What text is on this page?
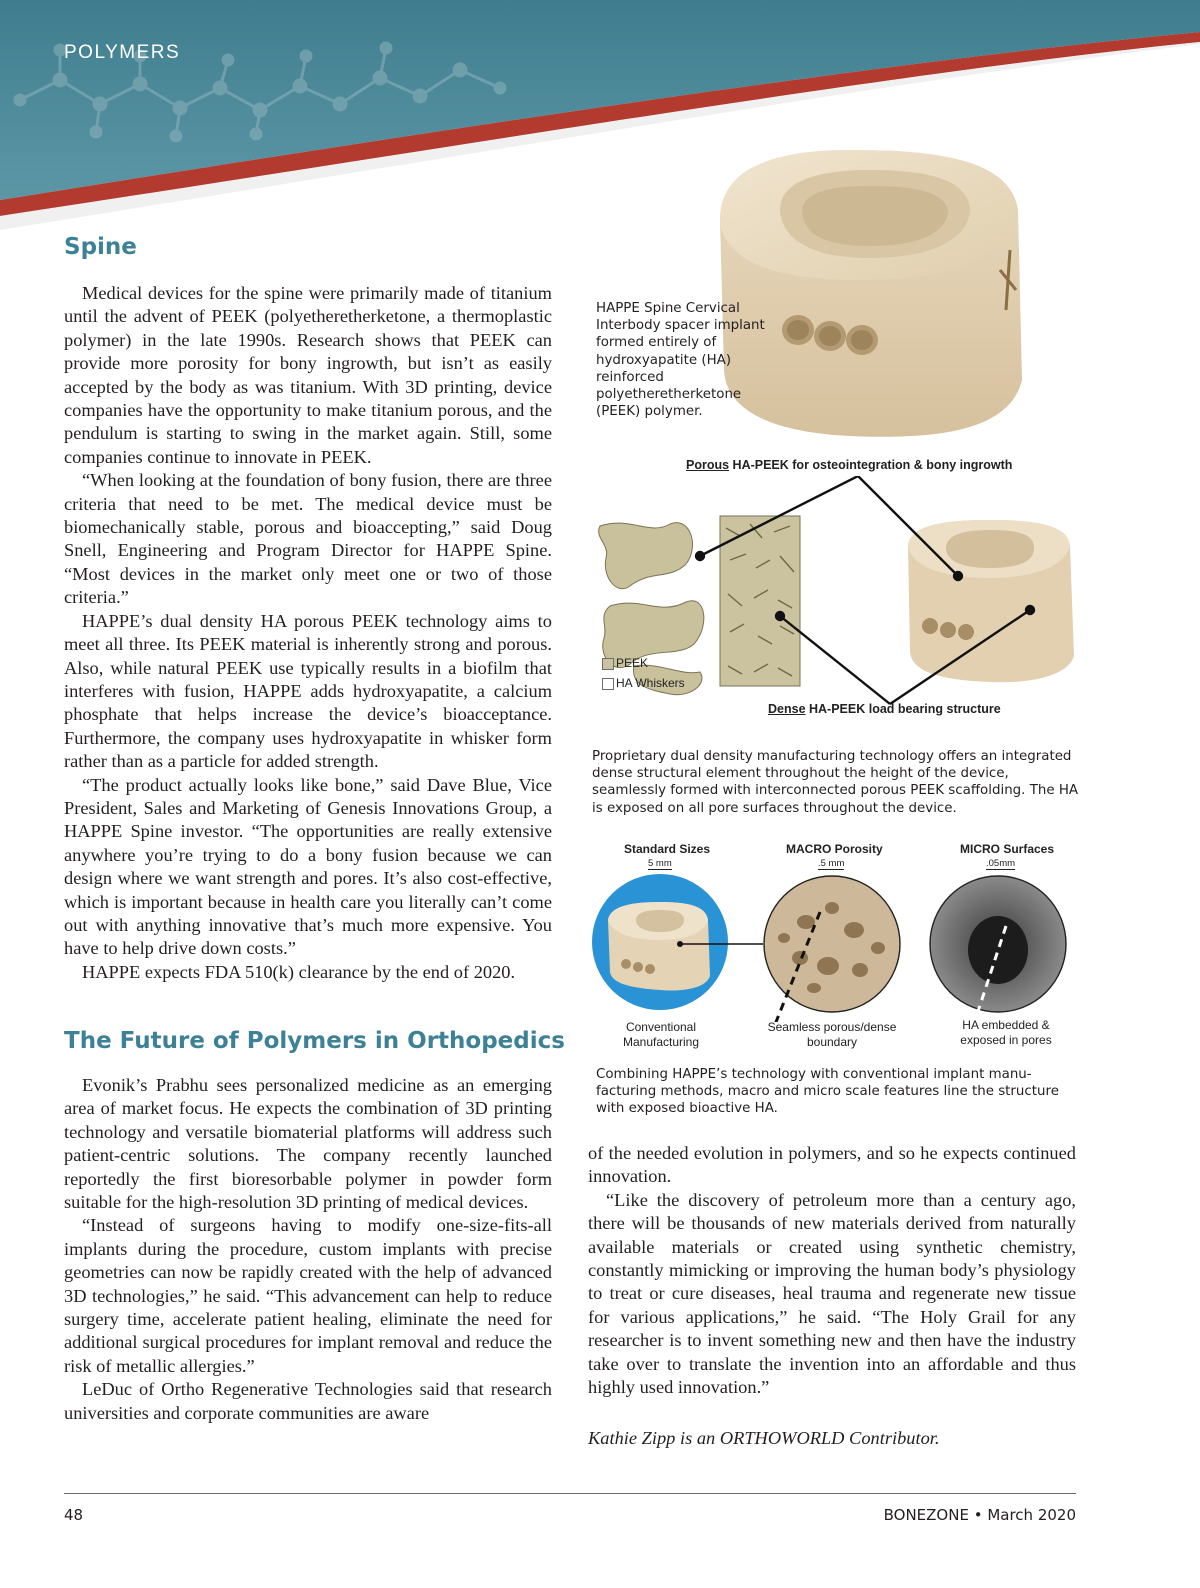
POLYMERS
Spine

Medical devices for the spine were primarily made of titanium until the advent of PEEK (polyetheretherketone, a thermoplastic polymer) in the late 1990s. Research shows that PEEK can provide more porosity for bony ingrowth, but isn’t as easily accepted by the body as was titanium. With 3D printing, device companies have the opportunity to make titanium porous, and the pendulum is starting to swing in the market again. Still, some companies continue to innovate in PEEK.

“When looking at the foundation of bony fusion, there are three criteria that need to be met. The medical device must be biomechanically stable, porous and bioaccepting,” said Doug Snell, Engineering and Program Director for HAPPE Spine. “Most devices in the market only meet one or two of those criteria.”

HAPPE’s dual density HA porous PEEK technology aims to meet all three. Its PEEK material is inherently strong and porous. Also, while natural PEEK use typically results in a biofilm that interferes with fusion, HAPPE adds hydroxyapatite, a calcium phosphate that helps increase the device’s bioacceptance. Furthermore, the company uses hydroxyapatite in whisker form rather than as a particle for added strength.

“The product actually looks like bone,” said Dave Blue, Vice President, Sales and Marketing of Genesis Innovations Group, a HAPPE Spine investor. “The opportunities are really extensive anywhere you’re trying to do a bony fusion because we can design where we want strength and pores. It’s also cost-effective, which is important because in health care you literally can’t come out with anything innovative that’s much more expensive. You have to help drive down costs.”

HAPPE expects FDA 510(k) clearance by the end of 2020.

The Future of Polymers in Orthopedics

Evonik’s Prabhu sees personalized medicine as an emerging area of market focus. He expects the combination of 3D printing technology and versatile biomaterial platforms will address such patient-centric solutions. The company recently launched reportedly the first bioresorbable polymer in powder form suitable for the high-resolution 3D printing of medical devices.

“Instead of surgeons having to modify one-size-fits-all implants during the procedure, custom implants with precise geometries can now be rapidly created with the help of advanced 3D technologies,” he said. “This advancement can help to reduce surgery time, accelerate patient healing, eliminate the need for additional surgical procedures for implant removal and reduce the risk of metallic allergies.”

LeDuc of Ortho Regenerative Technologies said that research universities and corporate communities are aware

HAPPE Spine Cervical Interbody spacer implant formed entirely of hydroxyapatite (HA) reinforced polyetheretherketone (PEEK) polymer.
Porous HA-PEEK for osteointegration & bony ingrowth
PEEK
HA Whiskers
Dense HA-PEEK load bearing structure
Proprietary dual density manufacturing technology offers an integrated dense structural element throughout the height of the device, seamlessly formed with interconnected porous PEEK scaffolding. The HA is exposed on all pore surfaces throughout the device.
Standard Sizes
5 mm
MACRO Porosity
.5 mm
MICRO Surfaces
.05mm
Conventional Manufacturing
Seamless porous/dense boundary
HA embedded & exposed in pores
Combining HAPPE’s technology with conventional implant manufacturing methods, macro and micro scale features line the structure with exposed bioactive HA.

of the needed evolution in polymers, and so he expects continued innovation.

“Like the discovery of petroleum more than a century ago, there will be thousands of new materials derived from naturally available materials or created using synthetic chemistry, constantly mimicking or improving the human body’s physiology to treat or cure diseases, heal trauma and regenerate new tissue for various applications,” he said. “The Holy Grail for any researcher is to invent something new and then have the industry take over to translate the invention into an affordable and thus highly used innovation.”

Kathie Zipp is an ORTHOWORLD Contributor.

48	BONEZONE • March 2020
